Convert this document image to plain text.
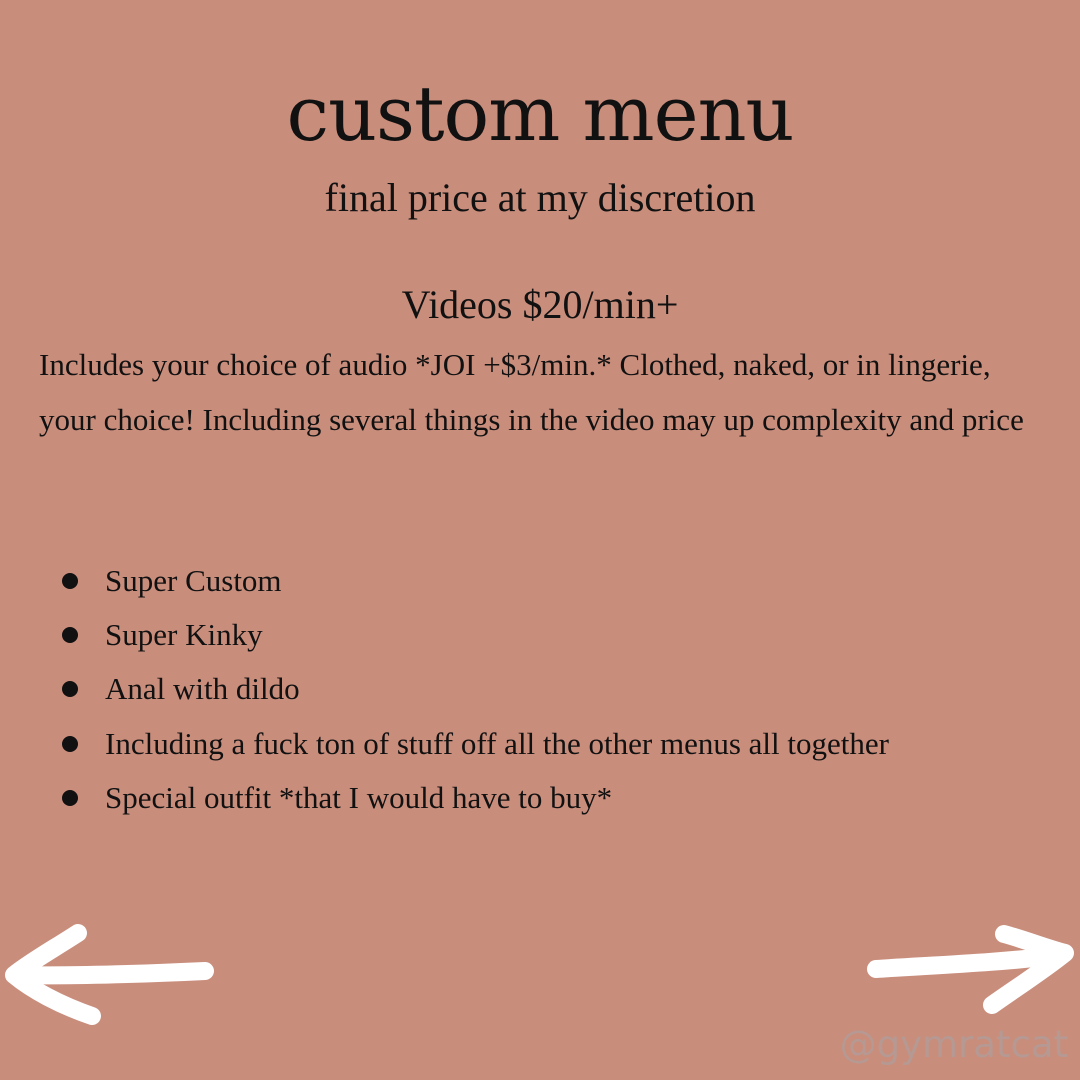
custom menu
final price at my discretion
Videos $20/min+

Includes your choice of audio *JOI +$3/min.* Clothed, naked, or in lingerie, your choice! Including several things in the video may up complexity and price

Super Custom
Super Kinky
Anal with dildo
Including a fuck ton of stuff off all the other menus all together
Special outfit *that I would have to buy*
@gymratcat
